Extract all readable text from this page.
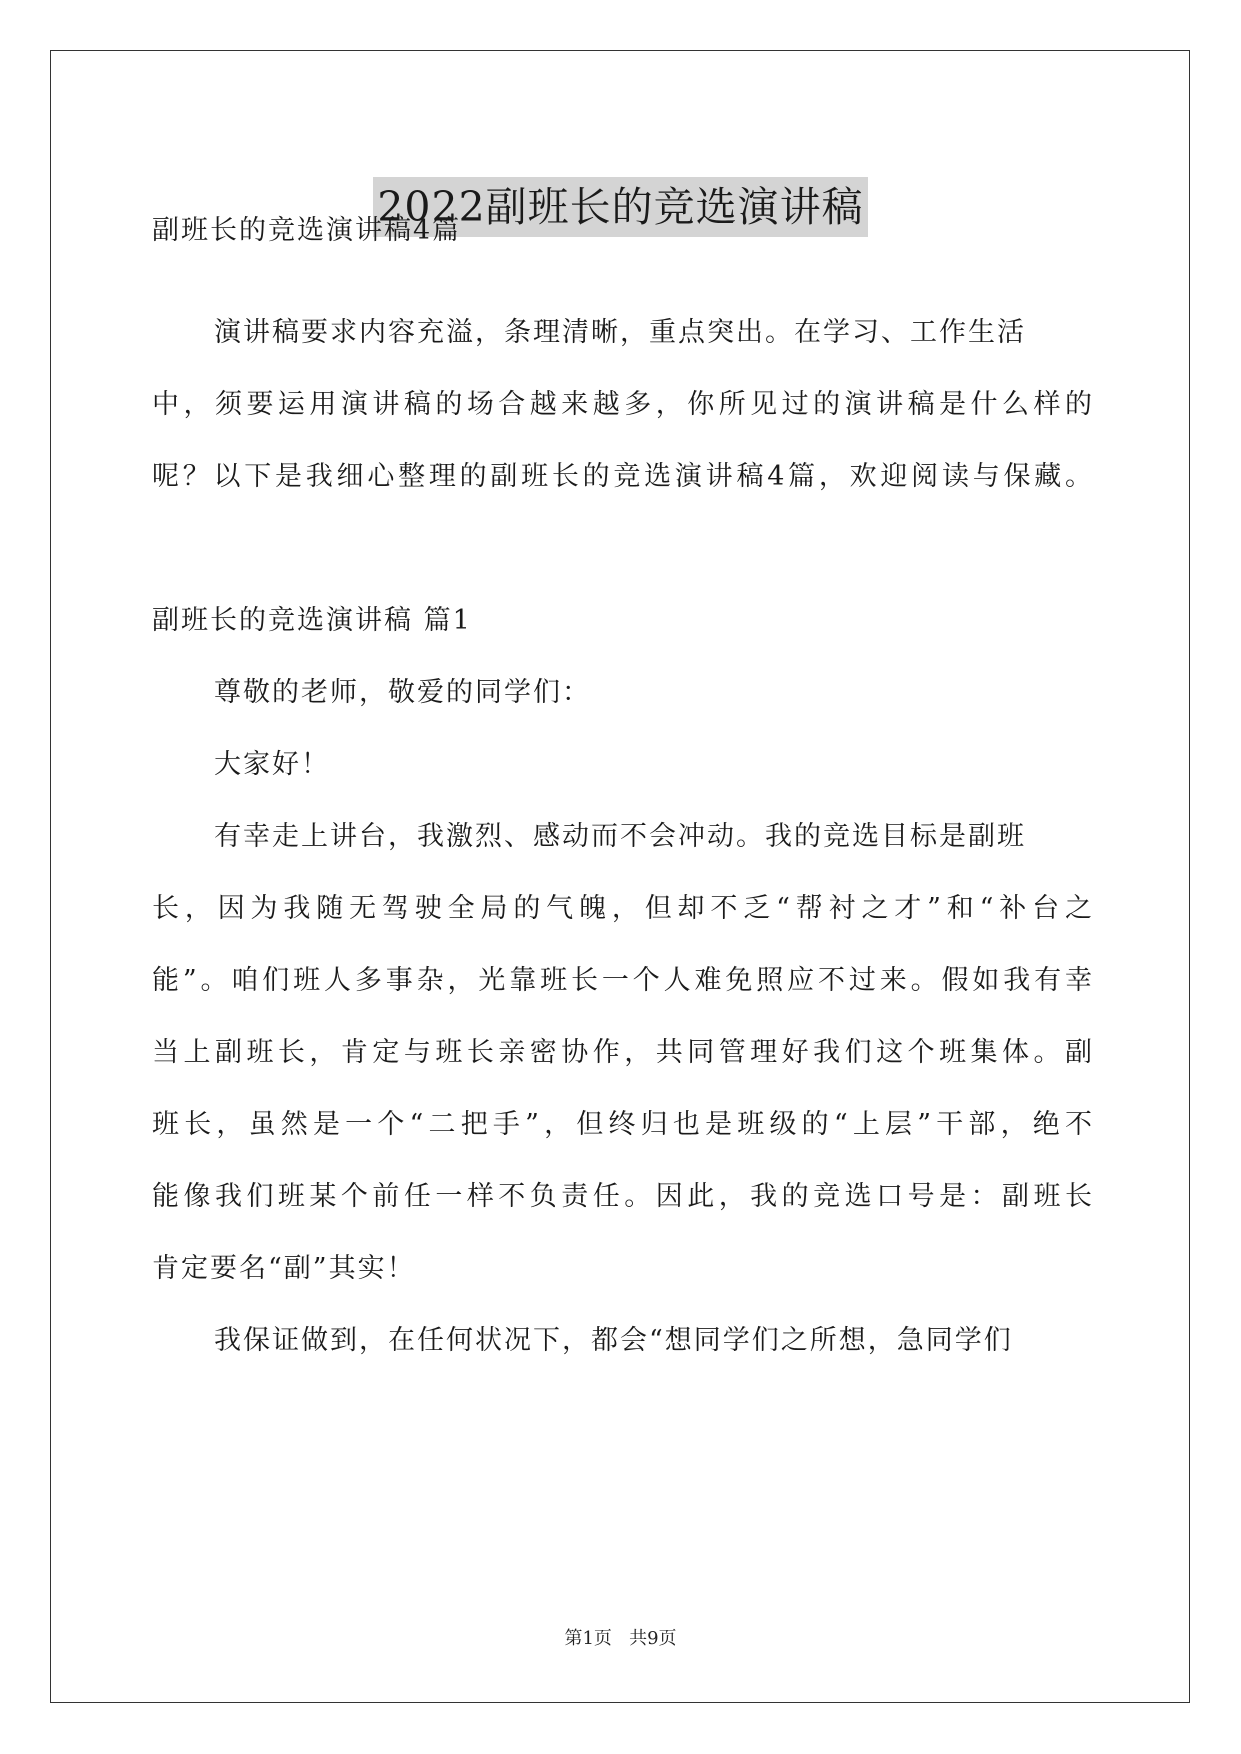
2022副班长的竞选演讲稿
副班长的竞选演讲稿4篇
演讲稿要求内容充溢，条理清晰，重点突出。在学习、工作生活
中，须要运用演讲稿的场合越来越多，你所见过的演讲稿是什么样的
呢？以下是我细心整理的副班长的竞选演讲稿4篇，欢迎阅读与保藏。
副班长的竞选演讲稿 篇1
尊敬的老师，敬爱的同学们：
大家好！
有幸走上讲台，我激烈、感动而不会冲动。我的竞选目标是副班
长，因为我随无驾驶全局的气魄，但却不乏“帮衬之才”和“补台之
能”。咱们班人多事杂，光靠班长一个人难免照应不过来。假如我有幸
当上副班长，肯定与班长亲密协作，共同管理好我们这个班集体。副
班长，虽然是一个“二把手”，但终归也是班级的“上层”干部，绝不
能像我们班某个前任一样不负责任。因此，我的竞选口号是：副班长
肯定要名“副”其实！
我保证做到，在任何状况下，都会“想同学们之所想，急同学们
第1页   共9页
